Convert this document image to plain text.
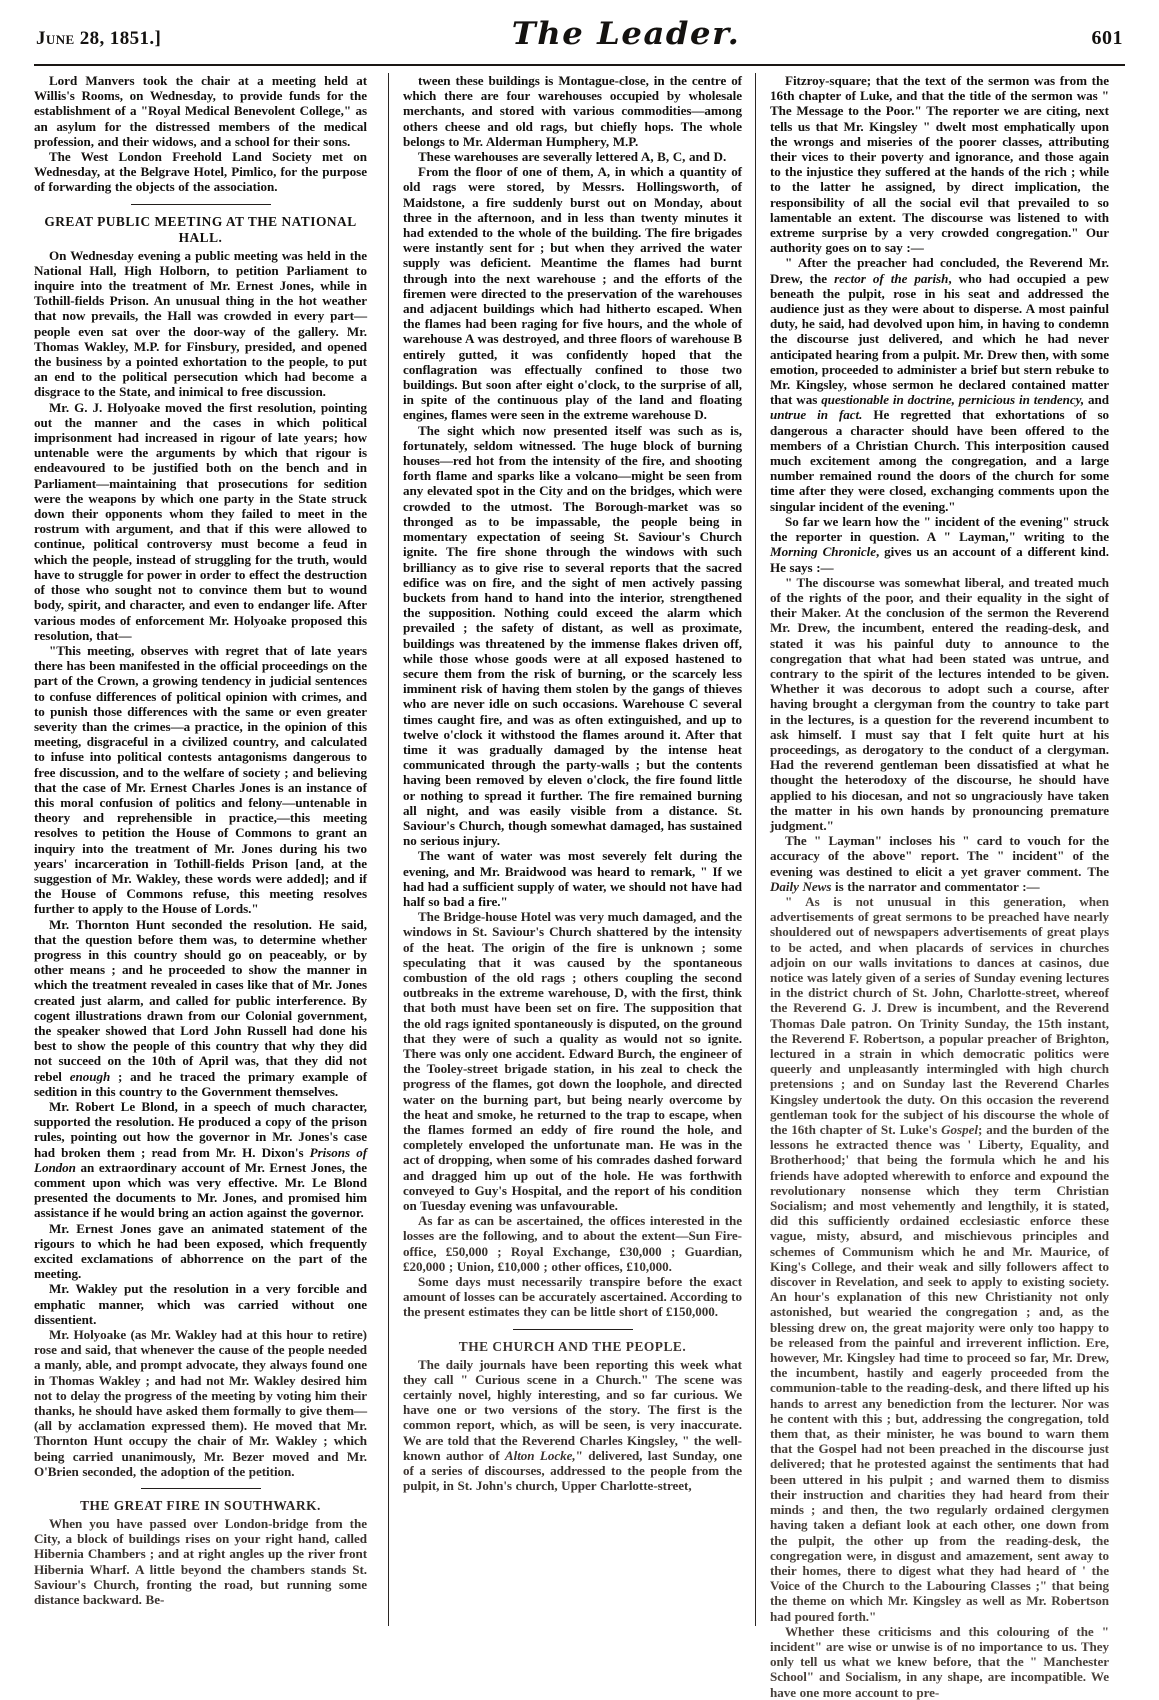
June 28, 1851.]	The Leader.	601

Lord Manvers took the chair at a meeting held at Willis's Rooms, on Wednesday, to provide funds for the establishment of a "Royal Medical Benevolent College," as an asylum for the distressed members of the medical profession, and their widows, and a school for their sons.

The West London Freehold Land Society met on Wednesday, at the Belgrave Hotel, Pimlico, for the purpose of forwarding the objects of the association.

GREAT PUBLIC MEETING AT THE NATIONAL
HALL.

On Wednesday evening a public meeting was held in the National Hall, High Holborn, to petition Parliament to inquire into the treatment of Mr. Ernest Jones, while in Tothill-fields Prison. An unusual thing in the hot weather that now prevails, the Hall was crowded in every part—people even sat over the door-way of the gallery. Mr. Thomas Wakley, M.P. for Finsbury, presided, and opened the business by a pointed exhortation to the people, to put an end to the political persecution which had become a disgrace to the State, and inimical to free discussion.

Mr. G. J. Holyoake moved the first resolution, pointing out the manner and the cases in which political imprisonment had increased in rigour of late years; how untenable were the arguments by which that rigour is endeavoured to be justified both on the bench and in Parliament—maintaining that prosecutions for sedition were the weapons by which one party in the State struck down their opponents whom they failed to meet in the rostrum with argument, and that if this were allowed to continue, political controversy must become a feud in which the people, instead of struggling for the truth, would have to struggle for power in order to effect the destruction of those who sought not to convince them but to wound body, spirit, and character, and even to endanger life. After various modes of enforcement Mr. Holyoake proposed this resolution, that—

"This meeting, observes with regret that of late years there has been manifested in the official proceedings on the part of the Crown, a growing tendency in judicial sentences to confuse differences of political opinion with crimes, and to punish those differences with the same or even greater severity than the crimes—a practice, in the opinion of this meeting, disgraceful in a civilized country, and calculated to infuse into political contests antagonisms dangerous to free discussion, and to the welfare of society ; and believing that the case of Mr. Ernest Charles Jones is an instance of this moral confusion of politics and felony—untenable in theory and reprehensible in practice,—this meeting resolves to petition the House of Commons to grant an inquiry into the treatment of Mr. Jones during his two years' incarceration in Tothill-fields Prison [and, at the suggestion of Mr. Wakley, these words were added]; and if the House of Commons refuse, this meeting resolves further to apply to the House of Lords."

Mr. Thornton Hunt seconded the resolution. He said, that the question before them was, to determine whether progress in this country should go on peaceably, or by other means ; and he proceeded to show the manner in which the treatment revealed in cases like that of Mr. Jones created just alarm, and called for public interference. By cogent illustrations drawn from our Colonial government, the speaker showed that Lord John Russell had done his best to show the people of this country that why they did not succeed on the 10th of April was, that they did not rebel enough ; and he traced the primary example of sedition in this country to the Government themselves.

Mr. Robert Le Blond, in a speech of much character, supported the resolution. He produced a copy of the prison rules, pointing out how the governor in Mr. Jones's case had broken them ; read from Mr. H. Dixon's Prisons of London an extraordinary account of Mr. Ernest Jones, the comment upon which was very effective. Mr. Le Blond presented the documents to Mr. Jones, and promised him assistance if he would bring an action against the governor.

Mr. Ernest Jones gave an animated statement of the rigours to which he had been exposed, which frequently excited exclamations of abhorrence on the part of the meeting.

Mr. Wakley put the resolution in a very forcible and emphatic manner, which was carried without one dissentient.

Mr. Holyoake (as Mr. Wakley had at this hour to retire) rose and said, that whenever the cause of the people needed a manly, able, and prompt advocate, they always found one in Thomas Wakley ; and had not Mr. Wakley desired him not to delay the progress of the meeting by voting him their thanks, he should have asked them formally to give them—(all by acclamation expressed them). He moved that Mr. Thornton Hunt occupy the chair of Mr. Wakley ; which being carried unanimously, Mr. Bezer moved and Mr. O'Brien seconded, the adoption of the petition.

THE GREAT FIRE IN SOUTHWARK.

When you have passed over London-bridge from the City, a block of buildings rises on your right hand, called Hibernia Chambers ; and at right angles up the river front Hibernia Wharf. A little beyond the chambers stands St. Saviour's Church, fronting the road, but running some distance backward. Be-

tween these buildings is Montague-close, in the centre of which there are four warehouses occupied by wholesale merchants, and stored with various commodities—among others cheese and old rags, but chiefly hops. The whole belongs to Mr. Alderman Humphery, M.P.

These warehouses are severally lettered A, B, C, and D.

From the floor of one of them, A, in which a quantity of old rags were stored, by Messrs. Hollingsworth, of Maidstone, a fire suddenly burst out on Monday, about three in the afternoon, and in less than twenty minutes it had extended to the whole of the building. The fire brigades were instantly sent for ; but when they arrived the water supply was deficient. Meantime the flames had burnt through into the next warehouse ; and the efforts of the firemen were directed to the preservation of the warehouses and adjacent buildings which had hitherto escaped. When the flames had been raging for five hours, and the whole of warehouse A was destroyed, and three floors of warehouse B entirely gutted, it was confidently hoped that the conflagration was effectually confined to those two buildings. But soon after eight o'clock, to the surprise of all, in spite of the continuous play of the land and floating engines, flames were seen in the extreme warehouse D.

The sight which now presented itself was such as is, fortunately, seldom witnessed. The huge block of burning houses—red hot from the intensity of the fire, and shooting forth flame and sparks like a volcano—might be seen from any elevated spot in the City and on the bridges, which were crowded to the utmost. The Borough-market was so thronged as to be impassable, the people being in momentary expectation of seeing St. Saviour's Church ignite. The fire shone through the windows with such brilliancy as to give rise to several reports that the sacred edifice was on fire, and the sight of men actively passing buckets from hand to hand into the interior, strengthened the supposition. Nothing could exceed the alarm which prevailed ; the safety of distant, as well as proximate, buildings was threatened by the immense flakes driven off, while those whose goods were at all exposed hastened to secure them from the risk of burning, or the scarcely less imminent risk of having them stolen by the gangs of thieves who are never idle on such occasions. Warehouse C several times caught fire, and was as often extinguished, and up to twelve o'clock it withstood the flames around it. After that time it was gradually damaged by the intense heat communicated through the party-walls ; but the contents having been removed by eleven o'clock, the fire found little or nothing to spread it further. The fire remained burning all night, and was easily visible from a distance. St. Saviour's Church, though somewhat damaged, has sustained no serious injury.

The want of water was most severely felt during the evening, and Mr. Braidwood was heard to remark, " If we had had a sufficient supply of water, we should not have had half so bad a fire."

The Bridge-house Hotel was very much damaged, and the windows in St. Saviour's Church shattered by the intensity of the heat. The origin of the fire is unknown ; some speculating that it was caused by the spontaneous combustion of the old rags ; others coupling the second outbreaks in the extreme warehouse, D, with the first, think that both must have been set on fire. The supposition that the old rags ignited spontaneously is disputed, on the ground that they were of such a quality as would not so ignite. There was only one accident. Edward Burch, the engineer of the Tooley-street brigade station, in his zeal to check the progress of the flames, got down the loophole, and directed water on the burning part, but being nearly overcome by the heat and smoke, he returned to the trap to escape, when the flames formed an eddy of fire round the hole, and completely enveloped the unfortunate man. He was in the act of dropping, when some of his comrades dashed forward and dragged him up out of the hole. He was forthwith conveyed to Guy's Hospital, and the report of his condition on Tuesday evening was unfavourable.

As far as can be ascertained, the offices interested in the losses are the following, and to about the extent—Sun Fire-office, £50,000 ; Royal Exchange, £30,000 ; Guardian, £20,000 ; Union, £10,000 ; other offices, £10,000.

Some days must necessarily transpire before the exact amount of losses can be accurately ascertained. According to the present estimates they can be little short of £150,000.

THE CHURCH AND THE PEOPLE.

The daily journals have been reporting this week what they call " Curious scene in a Church." The scene was certainly novel, highly interesting, and so far curious. We have one or two versions of the story. The first is the common report, which, as will be seen, is very inaccurate. We are told that the Reverend Charles Kingsley, " the well-known author of Alton Locke," delivered, last Sunday, one of a series of discourses, addressed to the people from the pulpit, in St. John's church, Upper Charlotte-street,

Fitzroy-square; that the text of the sermon was from the 16th chapter of Luke, and that the title of the sermon was " The Message to the Poor." The reporter we are citing, next tells us that Mr. Kingsley " dwelt most emphatically upon the wrongs and miseries of the poorer classes, attributing their vices to their poverty and ignorance, and those again to the injustice they suffered at the hands of the rich ; while to the latter he assigned, by direct implication, the responsibility of all the social evil that prevailed to so lamentable an extent. The discourse was listened to with extreme surprise by a very crowded congregation." Our authority goes on to say :—

" After the preacher had concluded, the Reverend Mr. Drew, the rector of the parish, who had occupied a pew beneath the pulpit, rose in his seat and addressed the audience just as they were about to disperse. A most painful duty, he said, had devolved upon him, in having to condemn the discourse just delivered, and which he had never anticipated hearing from a pulpit. Mr. Drew then, with some emotion, proceeded to administer a brief but stern rebuke to Mr. Kingsley, whose sermon he declared contained matter that was questionable in doctrine, pernicious in tendency, and untrue in fact. He regretted that exhortations of so dangerous a character should have been offered to the members of a Christian Church. This interposition caused much excitement among the congregation, and a large number remained round the doors of the church for some time after they were closed, exchanging comments upon the singular incident of the evening."

So far we learn how the " incident of the evening" struck the reporter in question. A " Layman," writing to the Morning Chronicle, gives us an account of a different kind. He says :—

" The discourse was somewhat liberal, and treated much of the rights of the poor, and their equality in the sight of their Maker. At the conclusion of the sermon the Reverend Mr. Drew, the incumbent, entered the reading-desk, and stated it was his painful duty to announce to the congregation that what had been stated was untrue, and contrary to the spirit of the lectures intended to be given. Whether it was decorous to adopt such a course, after having brought a clergyman from the country to take part in the lectures, is a question for the reverend incumbent to ask himself. I must say that I felt quite hurt at his proceedings, as derogatory to the conduct of a clergyman. Had the reverend gentleman been dissatisfied at what he thought the heterodoxy of the discourse, he should have applied to his diocesan, and not so ungraciously have taken the matter in his own hands by pronouncing premature judgment."

The " Layman" incloses his " card to vouch for the accuracy of the above" report. The " incident" of the evening was destined to elicit a yet graver comment. The Daily News is the narrator and commentator :—

" As is not unusual in this generation, when advertisements of great sermons to be preached have nearly shouldered out of newspapers advertisements of great plays to be acted, and when placards of services in churches adjoin on our walls invitations to dances at casinos, due notice was lately given of a series of Sunday evening lectures in the district church of St. John, Charlotte-street, whereof the Reverend G. J. Drew is incumbent, and the Reverend Thomas Dale patron. On Trinity Sunday, the 15th instant, the Reverend F. Robertson, a popular preacher of Brighton, lectured in a strain in which democratic politics were queerly and unpleasantly intermingled with high church pretensions ; and on Sunday last the Reverend Charles Kingsley undertook the duty. On this occasion the reverend gentleman took for the subject of his discourse the whole of the 16th chapter of St. Luke's Gospel; and the burden of the lessons he extracted thence was ' Liberty, Equality, and Brotherhood;' that being the formula which he and his friends have adopted wherewith to enforce and expound the revolutionary nonsense which they term Christian Socialism; and most vehemently and lengthily, it is stated, did this sufficiently ordained ecclesiastic enforce these vague, misty, absurd, and mischievous principles and schemes of Communism which he and Mr. Maurice, of King's College, and their weak and silly followers affect to discover in Revelation, and seek to apply to existing society. An hour's explanation of this new Christianity not only astonished, but wearied the congregation ; and, as the blessing drew on, the great majority were only too happy to be released from the painful and irreverent infliction. Ere, however, Mr. Kingsley had time to proceed so far, Mr. Drew, the incumbent, hastily and eagerly proceeded from the communion-table to the reading-desk, and there lifted up his hands to arrest any benediction from the lecturer. Nor was he content with this ; but, addressing the congregation, told them that, as their minister, he was bound to warn them that the Gospel had not been preached in the discourse just delivered; that he protested against the sentiments that had been uttered in his pulpit ; and warned them to dismiss their instruction and charities they had heard from their minds ; and then, the two regularly ordained clergymen having taken a defiant look at each other, one down from the pulpit, the other up from the reading-desk, the congregation were, in disgust and amazement, sent away to their homes, there to digest what they had heard of ' the Voice of the Church to the Labouring Classes ;" that being the theme on which Mr. Kingsley as well as Mr. Robertson had poured forth."

Whether these criticisms and this colouring of the " incident" are wise or unwise is of no importance to us. They only tell us what we knew before, that the " Manchester School" and Socialism, in any shape, are incompatible. We have one more account to pre-
